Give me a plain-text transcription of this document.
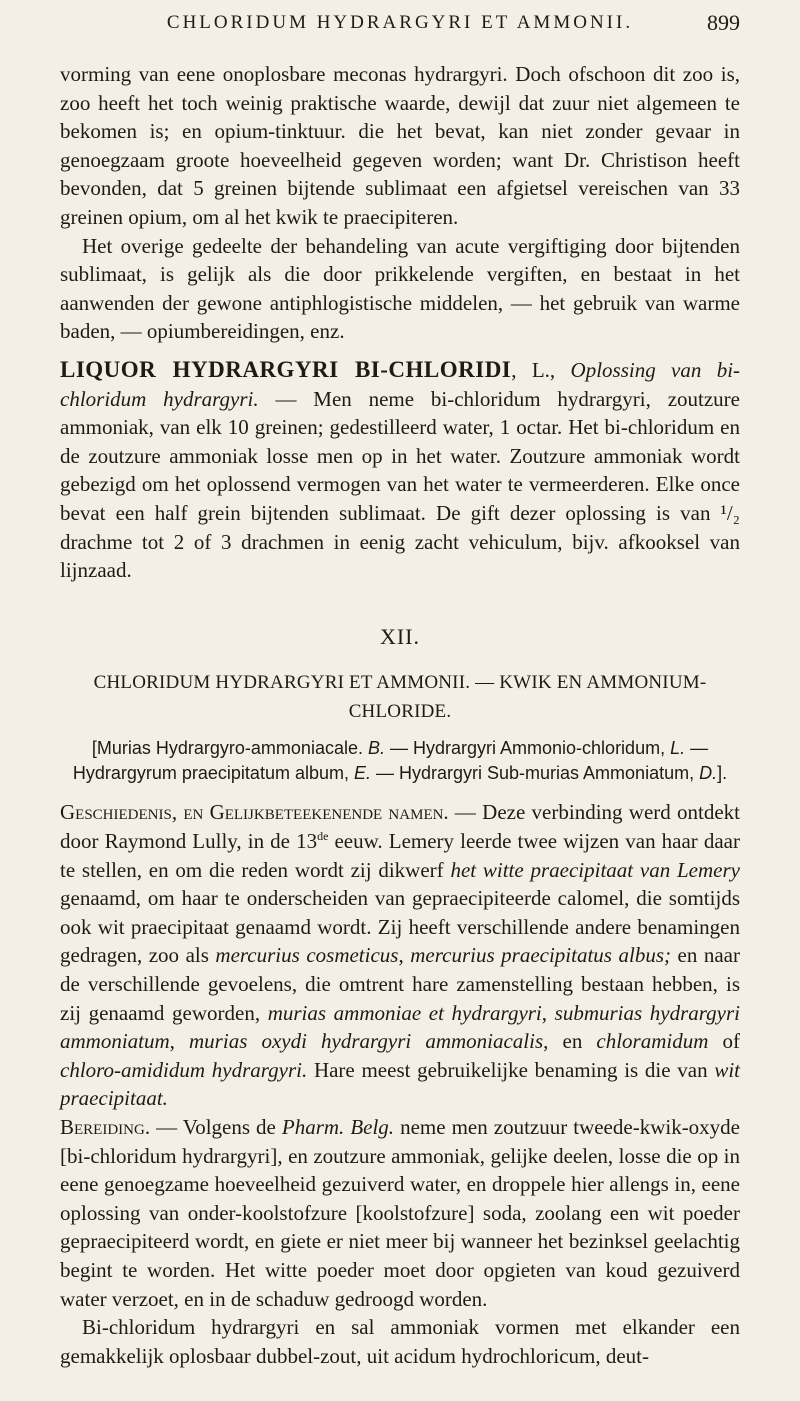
CHLORIDUM HYDRARGYRI ET AMMONII.	899

vorming van eene onoplosbare meconas hydrargyri. Doch ofschoon dit zoo is, zoo heeft het toch weinig praktische waarde, dewijl dat zuur niet algemeen te bekomen is; en opium-tinktuur. die het bevat, kan niet zonder gevaar in genoegzaam groote hoeveelheid gegeven worden; want Dr. Christison heeft bevonden, dat 5 greinen bijtende sublimaat een afgietsel vereischen van 33 greinen opium, om al het kwik te praecipiteren.

Het overige gedeelte der behandeling van acute vergiftiging door bijtenden sublimaat, is gelijk als die door prikkelende vergiften, en bestaat in het aanwenden der gewone antiphlogistische middelen, — het gebruik van warme baden, — opiumbereidingen, enz.

LIQUOR HYDRARGYRI BI-CHLORIDI, L., Oplossing van bi-chloridum hydrargyri. — Men neme bi-chloridum hydrargyri, zoutzure ammoniak, van elk 10 greinen; gedestilleerd water, 1 octar. Het bi-chloridum en de zoutzure ammoniak losse men op in het water. Zoutzure ammoniak wordt gebezigd om het oplossend vermogen van het water te vermeerderen. Elke once bevat een half grein bijtenden sublimaat. De gift dezer oplossing is van ¹/₂ drachme tot 2 of 3 drachmen in eenig zacht vehiculum, bijv. afkooksel van lijnzaad.

XII.
CHLORIDUM HYDRARGYRI ET AMMONII. — KWIK EN AMMONIUM-CHLORIDE.
[Murias Hydrargyro-ammoniacale. B. — Hydrargyri Ammonio-chloridum, L. — Hydrargyrum praecipitatum album, E. — Hydrargyri Sub-murias Ammoniatum, D.].

Geschiedenis, en Gelijkbeteekenende namen. — Deze verbinding werd ontdekt door Raymond Lully, in de 13de eeuw. Lemery leerde twee wijzen van haar daar te stellen, en om die reden wordt zij dikwerf het witte praecipitaat van Lemery genaamd, om haar te onderscheiden van gepraecipiteerde calomel, die somtijds ook wit praecipitaat genaamd wordt. Zij heeft verschillende andere benamingen gedragen, zoo als mercurius cosmeticus, mercurius praecipitatus albus; en naar de verschillende gevoelens, die omtrent hare zamenstelling bestaan hebben, is zij genaamd geworden, murias ammoniae et hydrargyri, submurias hydrargyri ammoniatum, murias oxydi hydrargyri ammoniacalis, en chloramidum of chloro-amididum hydrargyri. Hare meest gebruikelijke benaming is die van wit praecipitaat.

Bereiding. — Volgens de Pharm. Belg. neme men zoutzuur tweede-kwik-oxyde [bi-chloridum hydrargyri], en zoutzure ammoniak, gelijke deelen, losse die op in eene genoegzame hoeveelheid gezuiverd water, en droppele hier allengs in, eene oplossing van onder-koolstofzure [koolstofzure] soda, zoolang een wit poeder gepraecipiteerd wordt, en giete er niet meer bij wanneer het bezinksel geelachtig begint te worden. Het witte poeder moet door opgieten van koud gezuiverd water verzoet, en in de schaduw gedroogd worden.

Bi-chloridum hydrargyri en sal ammoniak vormen met elkander een gemakkelijk oplosbaar dubbel-zout, uit acidum hydrochloricum, deut-
